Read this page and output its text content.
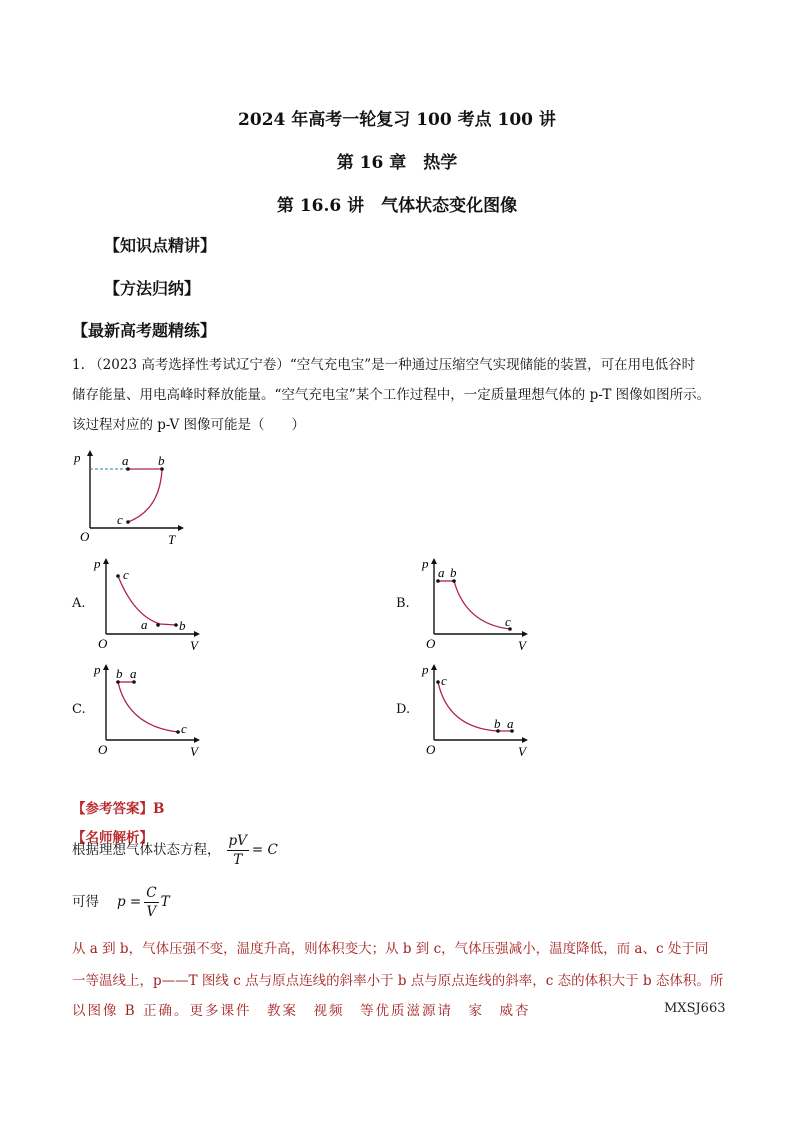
2024 年高考一轮复习 100 考点 100 讲
第 16 章　热学
第 16.6 讲　气体状态变化图像
【知识点精讲】
【方法归纳】
【最新高考题精练】
1. （2023 高考选择性考试辽宁卷）“空气充电宝”是一种通过压缩空气实现储能的装置，可在用电低谷时
储存能量、用电高峰时释放能量。“空气充电宝”某个工作过程中，一定质量理想气体的 p-T 图像如图所示。
该过程对应的 p-V 图像可能是（　　）
p
T
O
a b
c
A.
p
V
O
c
a b
B.
p
V
O
a b
c
C.
p
V
O
b a
c
D.
p
V
O
c
b a
【参考答案】B
【名师解析】
根据理想气体状态方程， $\frac{pV}{T} = C$
可得 $p = \frac{C}{V}$ T
从 a 到 b，气体压强不变，温度升高，则体积变大；从 b 到 c，气体压强减小，温度降低，而 a、c 处于同
一等温线上，p——T 图线 c 点与原点连线的斜率小于 b 点与原点连线的斜率，c 态的体积大于 b 态体积。所
以图像 B 正确。更多课件　教案　视频　等优质滋源请　家　威杏	MXSJ663
